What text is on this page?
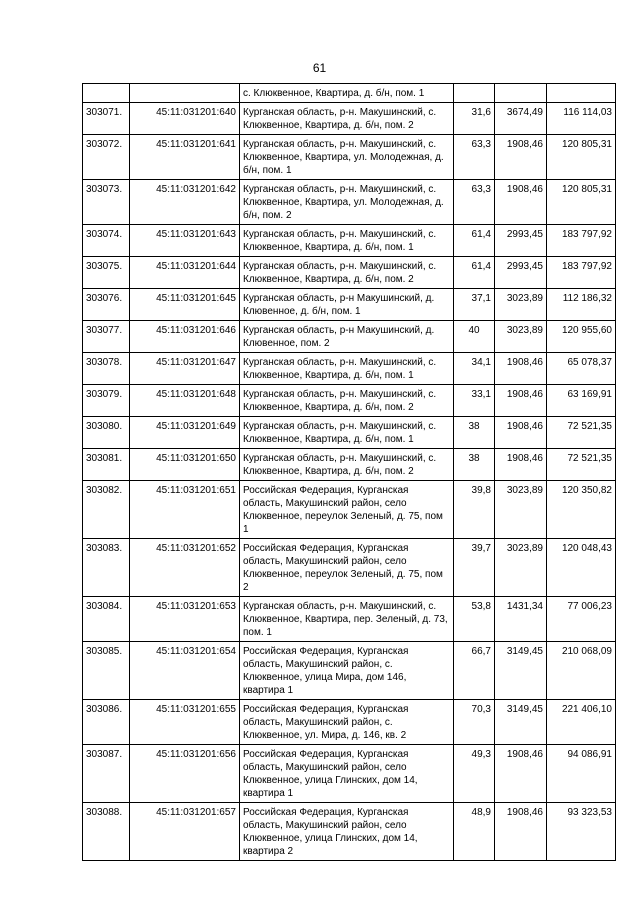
61
		с. Клюквенное, Квартира, д. б/н, пом. 1			
303071.	45:11:031201:640	Курганская область, р-н. Макушинский, с. Клюквенное, Квартира, д. б/н, пом. 2	31,6	3674,49	116 114,03
303072.	45:11:031201:641	Курганская область, р-н. Макушинский, с. Клюквенное, Квартира, ул. Молодежная, д. б/н, пом. 1	63,3	1908,46	120 805,31
303073.	45:11:031201:642	Курганская область, р-н. Макушинский, с. Клюквенное, Квартира, ул. Молодежная, д. б/н, пом. 2	63,3	1908,46	120 805,31
303074.	45:11:031201:643	Курганская область, р-н. Макушинский, с. Клюквенное, Квартира, д. б/н, пом. 1	61,4	2993,45	183 797,92
303075.	45:11:031201:644	Курганская область, р-н. Макушинский, с. Клюквенное, Квартира, д. б/н, пом. 2	61,4	2993,45	183 797,92
303076.	45:11:031201:645	Курганская область, р-н Макушинский, д. Клювенное, д. б/н, пом. 1	37,1	3023,89	112 186,32
303077.	45:11:031201:646	Курганская область, р-н Макушинский, д. Клювенное, пом. 2	40	3023,89	120 955,60
303078.	45:11:031201:647	Курганская область, р-н. Макушинский, с. Клюквенное, Квартира, д. б/н, пом. 1	34,1	1908,46	65 078,37
303079.	45:11:031201:648	Курганская область, р-н. Макушинский, с. Клюквенное, Квартира, д. б/н, пом. 2	33,1	1908,46	63 169,91
303080.	45:11:031201:649	Курганская область, р-н. Макушинский, с. Клюквенное, Квартира, д. б/н, пом. 1	38	1908,46	72 521,35
303081.	45:11:031201:650	Курганская область, р-н. Макушинский, с. Клюквенное, Квартира, д. б/н, пом. 2	38	1908,46	72 521,35
303082.	45:11:031201:651	Российская Федерация, Курганская область, Макушинский район, село Клюквенное, переулок Зеленый, д. 75, пом 1	39,8	3023,89	120 350,82
303083.	45:11:031201:652	Российская Федерация, Курганская область, Макушинский район, село Клюквенное, переулок Зеленый, д. 75, пом 2	39,7	3023,89	120 048,43
303084.	45:11:031201:653	Курганская область, р-н. Макушинский, с. Клюквенное, Квартира, пер. Зеленый, д. 73, пом. 1	53,8	1431,34	77 006,23
303085.	45:11:031201:654	Российская Федерация, Курганская область, Макушинский район, с. Клюквенное, улица Мира, дом 146, квартира 1	66,7	3149,45	210 068,09
303086.	45:11:031201:655	Российская Федерация, Курганская область, Макушинский район, с. Клюквенное, ул. Мира, д. 146, кв. 2	70,3	3149,45	221 406,10
303087.	45:11:031201:656	Российская Федерация, Курганская область, Макушинский район, село Клюквенное, улица Глинских, дом 14, квартира 1	49,3	1908,46	94 086,91
303088.	45:11:031201:657	Российская Федерация, Курганская область, Макушинский район, село Клюквенное, улица Глинских, дом 14, квартира 2	48,9	1908,46	93 323,53
